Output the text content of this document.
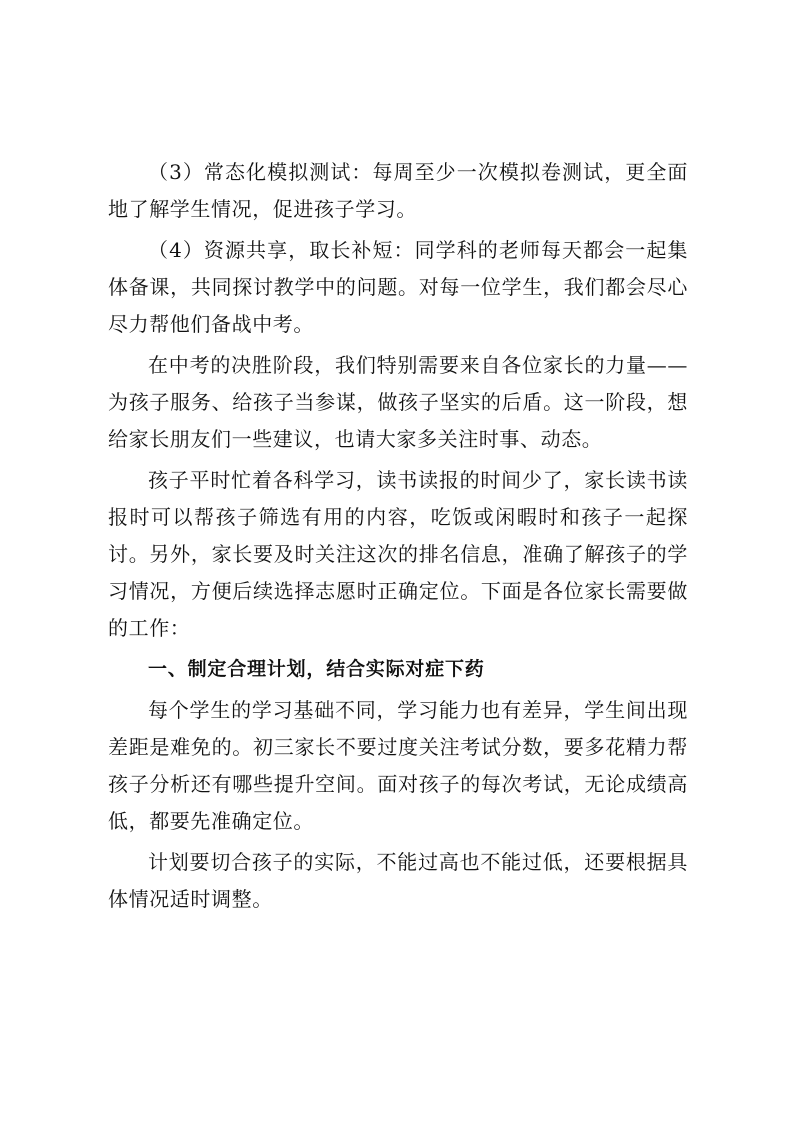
（3）常态化模拟测试：每周至少一次模拟卷测试，更全面地了解学生情况，促进孩子学习。

（4）资源共享，取长补短：同学科的老师每天都会一起集体备课，共同探讨教学中的问题。对每一位学生，我们都会尽心尽力帮他们备战中考。

在中考的决胜阶段，我们特别需要来自各位家长的力量——为孩子服务、给孩子当参谋，做孩子坚实的后盾。这一阶段，想给家长朋友们一些建议，也请大家多关注时事、动态。

孩子平时忙着各科学习，读书读报的时间少了，家长读书读报时可以帮孩子筛选有用的内容，吃饭或闲暇时和孩子一起探讨。另外，家长要及时关注这次的排名信息，准确了解孩子的学习情况，方便后续选择志愿时正确定位。下面是各位家长需要做的工作：

一、制定合理计划，结合实际对症下药

每个学生的学习基础不同，学习能力也有差异，学生间出现差距是难免的。初三家长不要过度关注考试分数，要多花精力帮孩子分析还有哪些提升空间。面对孩子的每次考试，无论成绩高低，都要先准确定位。

计划要切合孩子的实际，不能过高也不能过低，还要根据具体情况适时调整。
